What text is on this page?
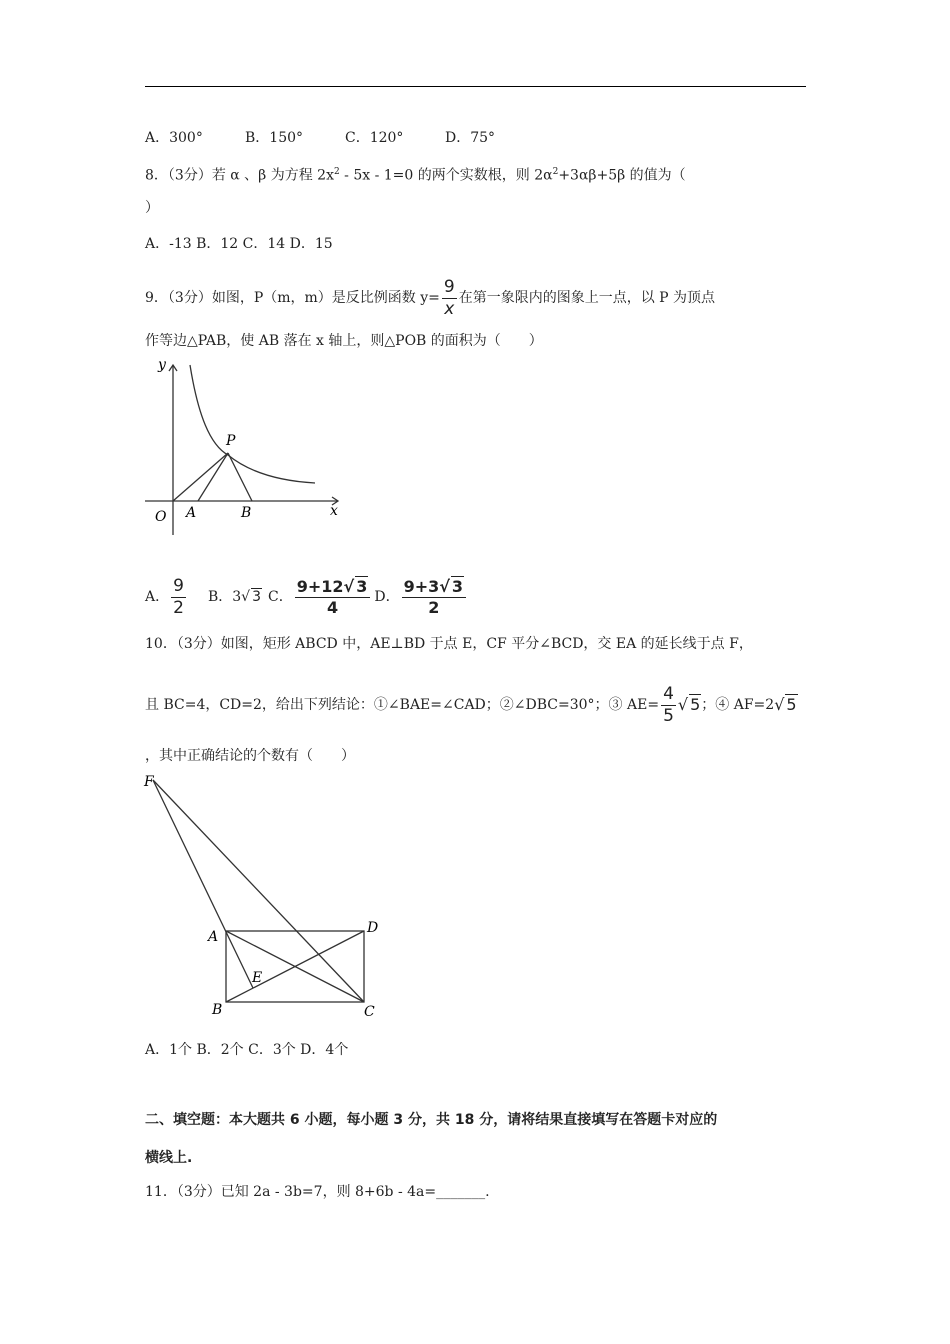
A．300°	B．150°	C．120°	D．75°
8．（3分）若 α 、β 为方程 $2x^2 - 5x - 1=0$ 的两个实数根，则 $2\alpha^2+3\alpha\beta+5\beta$ 的值为（
）
A．‐13 B．12 C．14 D．15
9．（3分）如图，P（m，m）是反比例函数 $y= \frac{9}{x}$ 在第一象限内的图象上一点，以 P 为顶点
作等边△PAB，使 AB 落在 x 轴上，则△POB 的面积为（　　）
y
x
O A	B
P
A． $\frac{9}{2}$ B．3 √ 3 C． $\frac{9+12√ 3}{4}$ D． $\frac{9+3√ 3}{2}$
10．（3分）如图，矩形 ABCD 中，AE⊥BD 于点 E，CF 平分∠BCD，交 EA 的延长线于点 F，
且 BC=4，CD=2，给出下列结论：①∠BAE=∠CAD；②∠DBC=30°；③ $AE= \frac{4}{5}$ √ 5 ；④ AF=2 √ 5
，其中正确结论的个数有（　　）
F
A
D
E
B	C
A．1个 B．2个 C．3个 D．4个
二、填空题：本大题共 6 小题，每小题 3 分，共 18 分，请将结果直接填写在答题卡对应的
横线上.
11．（3分）已知 2a - 3b=7，则 8+6b - 4a=_______.
